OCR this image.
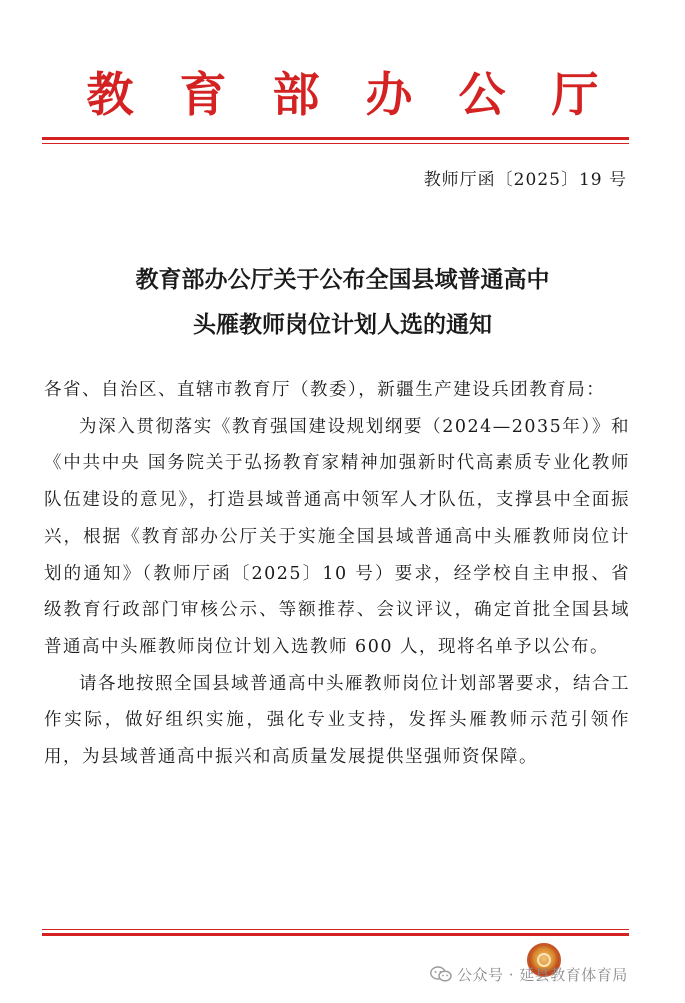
教育部办公厅
教师厅函〔2025〕19 号
教育部办公厅关于公布全国县域普通高中
头雁教师岗位计划人选的通知

各省、自治区、直辖市教育厅（教委），新疆生产建设兵团教育局：

为深入贯彻落实《教育强国建设规划纲要（2024—2035年）》和《中共中央 国务院关于弘扬教育家精神加强新时代高素质专业化教师队伍建设的意见》，打造县域普通高中领军人才队伍，支撑县中全面振兴，根据《教育部办公厅关于实施全国县域普通高中头雁教师岗位计划的通知》（教师厅函〔2025〕10 号）要求，经学校自主申报、省级教育行政部门审核公示、等额推荐、会议评议，确定首批全国县域普通高中头雁教师岗位计划入选教师 600 人，现将名单予以公布。

请各地按照全国县域普通高中头雁教师岗位计划部署要求，结合工作实际，做好组织实施，强化专业支持，发挥头雁教师示范引领作用，为县域普通高中振兴和高质量发展提供坚强师资保障。

公众号 · 延县教育体育局
